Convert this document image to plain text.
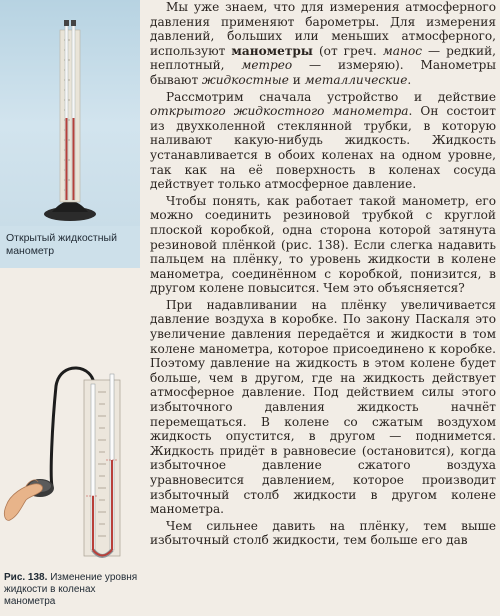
Открытый жидкостный манометр
Рис. 138. Изменение уровня жидкости в коленах манометра

Мы уже знаем, что для измерения атмосферного давления применяют барометры. Для измерения давлений, больших или меньших атмосферного, используют манометры (от греч. манос — редкий, неплотный, метрео — измеряю). Манометры бывают жидкостные и металлические.

Рассмотрим сначала устройство и действие открытого жидкостного манометра. Он состоит из двухколенной стеклянной трубки, в которую наливают какую-нибудь жидкость. Жидкость устанавливается в обоих коленах на одном уровне, так как на её поверхность в коленах сосуда действует только атмосферное давление.

Чтобы понять, как работает такой манометр, его можно соединить резиновой трубкой с круглой плоской коробкой, одна сторона которой затянута резиновой плёнкой (рис. 138). Если слегка надавить пальцем на плёнку, то уровень жидкости в колене манометра, соединённом с коробкой, понизится, в другом колене повысится. Чем это объясняется?

При надавливании на плёнку увеличивается давление воздуха в коробке. По закону Паскаля это увеличение давления передаётся и жидкости в том колене манометра, которое присоединено к коробке. Поэтому давление на жидкость в этом колене будет больше, чем в другом, где на жидкость действует атмосферное давление. Под действием силы этого избыточного давления жидкость начнёт перемещаться. В колене со сжатым воздухом жидкость опустится, в другом — поднимется. Жидкость придёт в равновесие (остановится), когда избыточное давление сжатого воздуха уравновесится давлением, которое производит избыточный столб жидкости в другом колене манометра.

Чем сильнее давить на плёнку, тем выше избыточный столб жидкости, тем больше его дав
